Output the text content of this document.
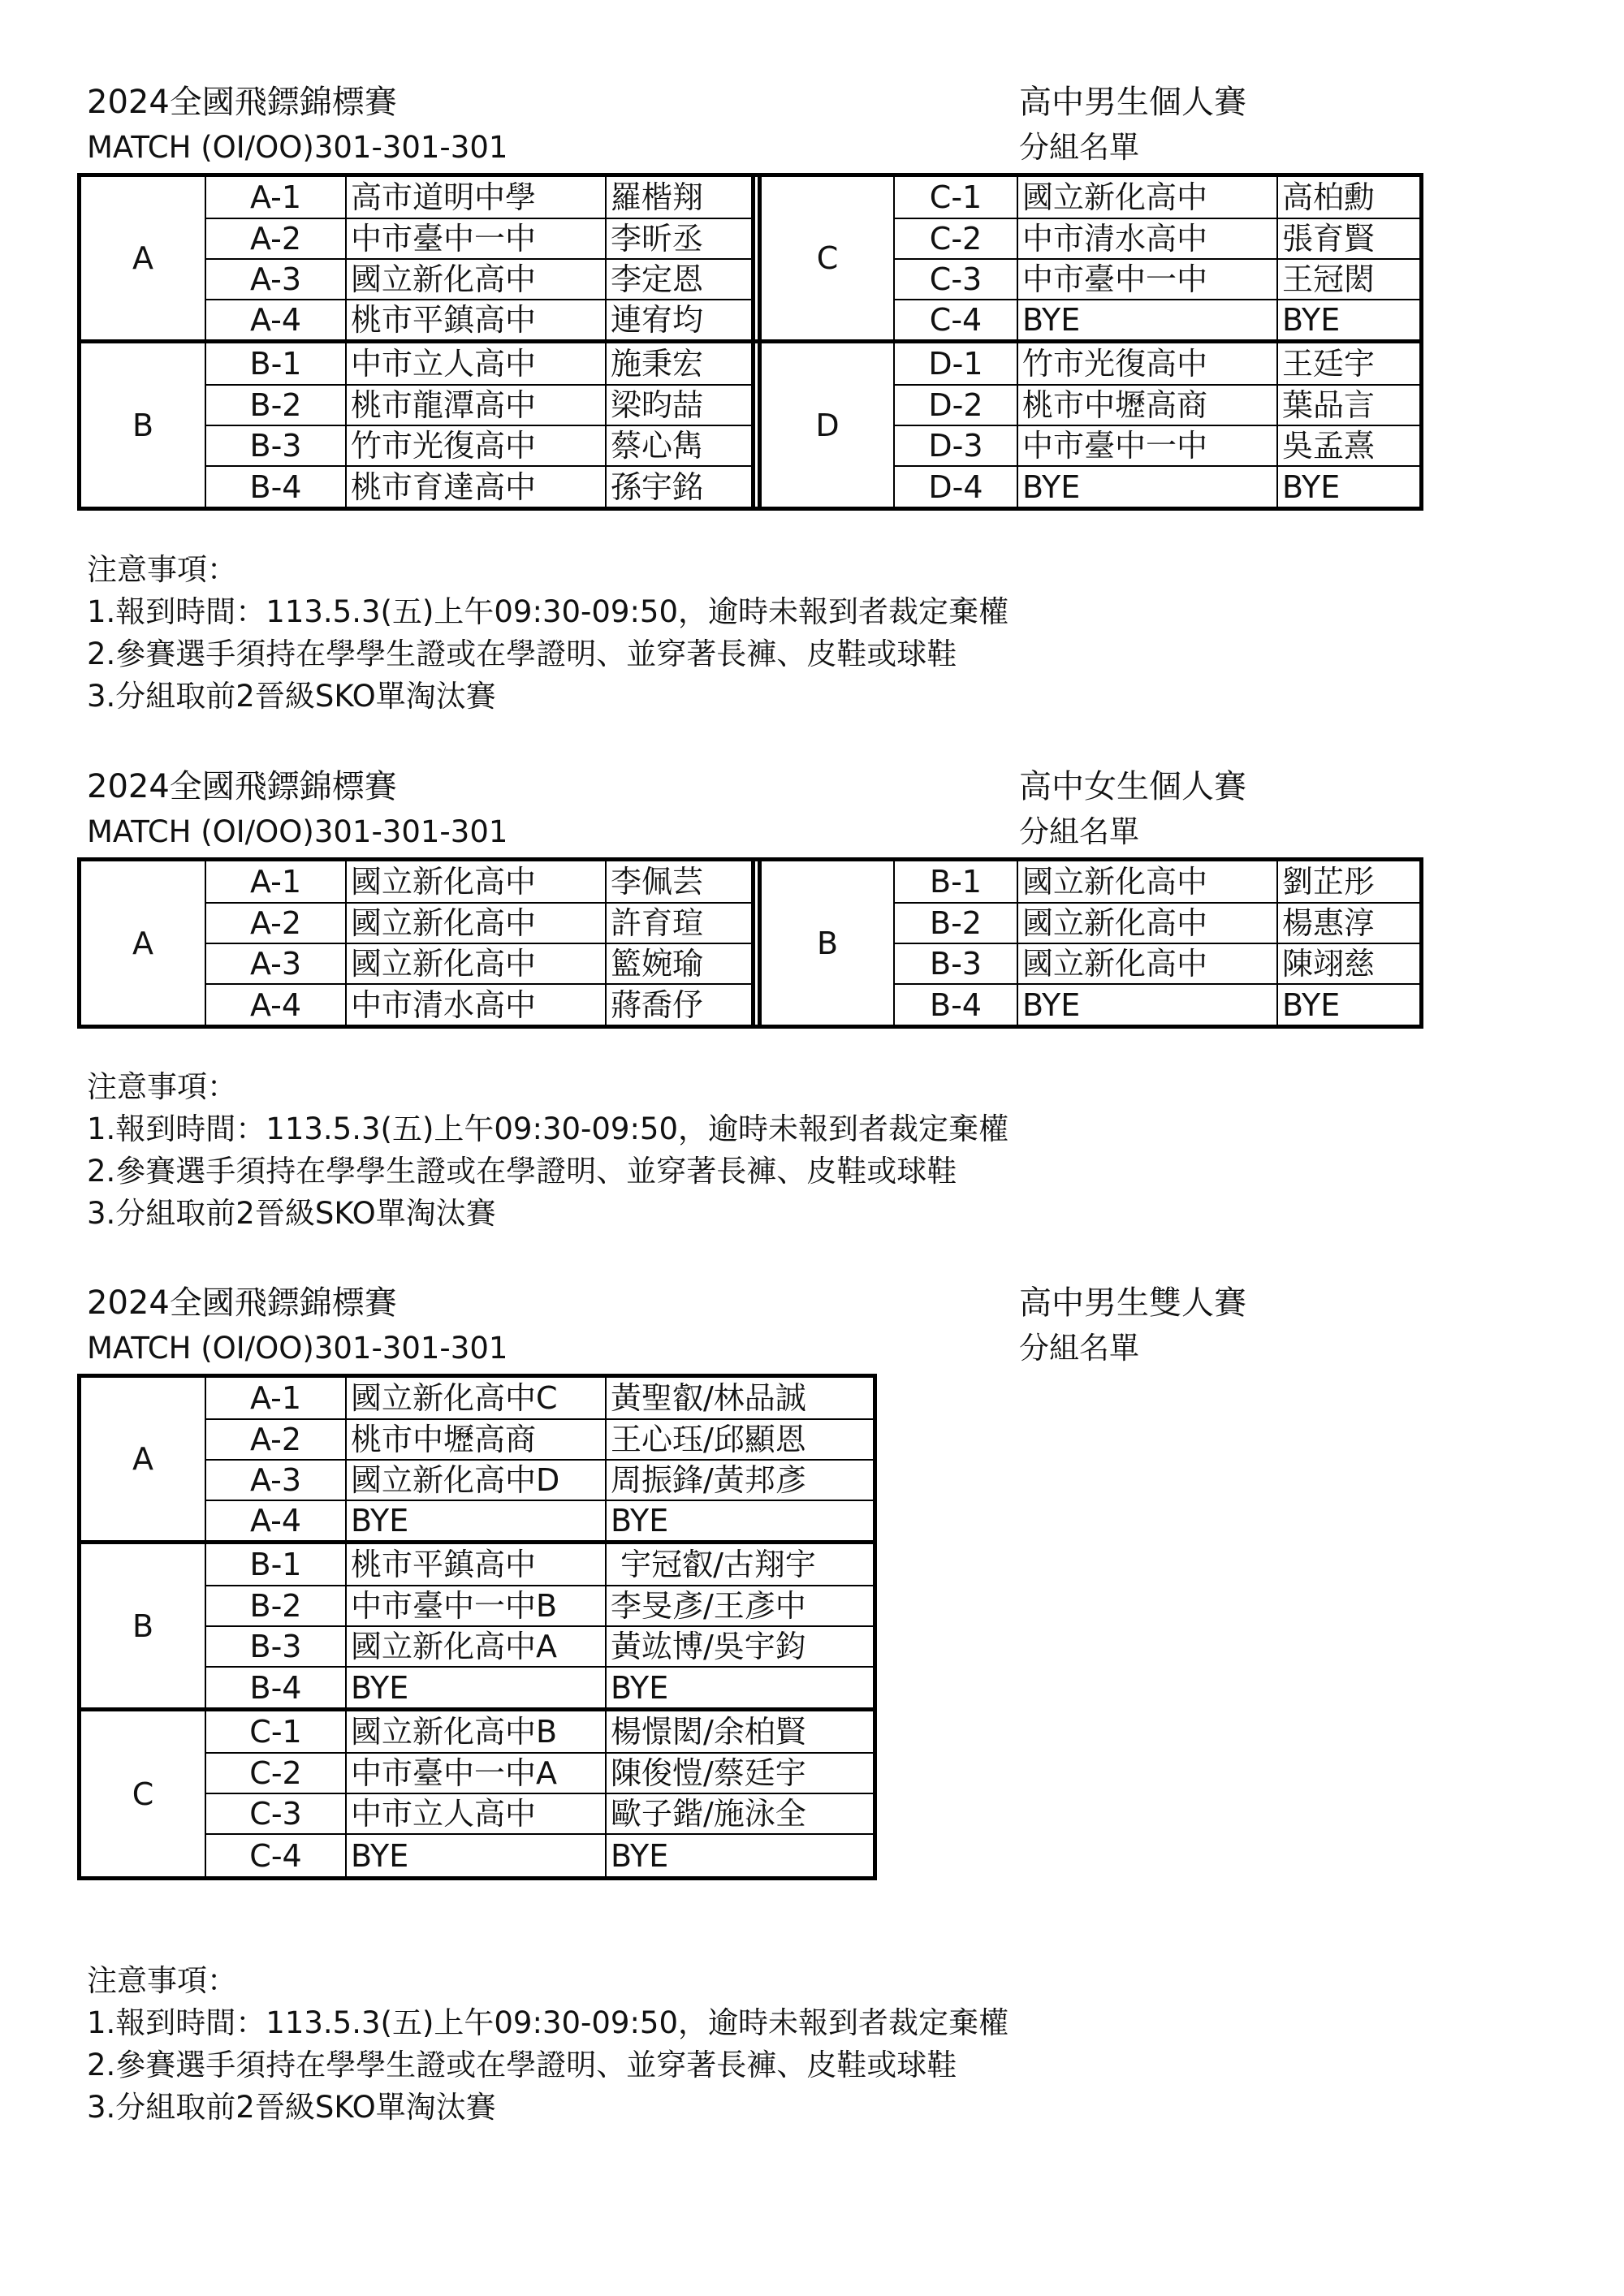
2024全國飛鏢錦標賽	高中男生個人賽
MATCH (OI/OO)301-301-301	分組名單
A	C
B	D
A-1	高市道明中學	羅楷翔
A-2	中市臺中一中	李昕丞
A-3	國立新化高中	李定恩
A-4	桃市平鎮高中	連宥均
C-1	國立新化高中	高柏勳
C-2	中市清水高中	張育賢
C-3	中市臺中一中	王冠閎
C-4	BYE	BYE
B-1	中市立人高中	施秉宏
B-2	桃市龍潭高中	梁昀喆
B-3	竹市光復高中	蔡心雋
B-4	桃市育達高中	孫宇銘
D-1	竹市光復高中	王廷宇
D-2	桃市中壢高商	葉品言
D-3	中市臺中一中	吳孟熹
D-4	BYE	BYE
注意事項：
1.報到時間：113.5.3(五)上午09:30-09:50，逾時未報到者裁定棄權
2.參賽選手須持在學學生證或在學證明、並穿著長褲、皮鞋或球鞋
3.分組取前2晉級SKO單淘汰賽
2024全國飛鏢錦標賽	高中女生個人賽
MATCH (OI/OO)301-301-301	分組名單
A	B
A-1	國立新化高中	李佩芸
A-2	國立新化高中	許育瑄
A-3	國立新化高中	籃婉瑜
A-4	中市清水高中	蔣喬伃
B-1	國立新化高中	劉芷彤
B-2	國立新化高中	楊惠淳
B-3	國立新化高中	陳翊慈
B-4	BYE	BYE
注意事項：
1.報到時間：113.5.3(五)上午09:30-09:50，逾時未報到者裁定棄權
2.參賽選手須持在學學生證或在學證明、並穿著長褲、皮鞋或球鞋
3.分組取前2晉級SKO單淘汰賽
2024全國飛鏢錦標賽	高中男生雙人賽
MATCH (OI/OO)301-301-301	分組名單
A
B
C
A-1	國立新化高中C	黃聖叡/林品誠
A-2	桃市中壢高商	王心珏/邱顯恩
A-3	國立新化高中D	周振鋒/黃邦彥
A-4	BYE	BYE
B-1	桃市平鎮高中	宇冠叡/古翔宇
B-2	中市臺中一中B	李旻彥/王彥中
B-3	國立新化高中A	黃竑博/吳宇鈞
B-4	BYE	BYE
C-1	國立新化高中B	楊憬閎/余柏賢
C-2	中市臺中一中A	陳俊愷/蔡廷宇
C-3	中市立人高中	歐子鍇/施泳全
C-4	BYE	BYE
注意事項：
1.報到時間：113.5.3(五)上午09:30-09:50，逾時未報到者裁定棄權
2.參賽選手須持在學學生證或在學證明、並穿著長褲、皮鞋或球鞋
3.分組取前2晉級SKO單淘汰賽
